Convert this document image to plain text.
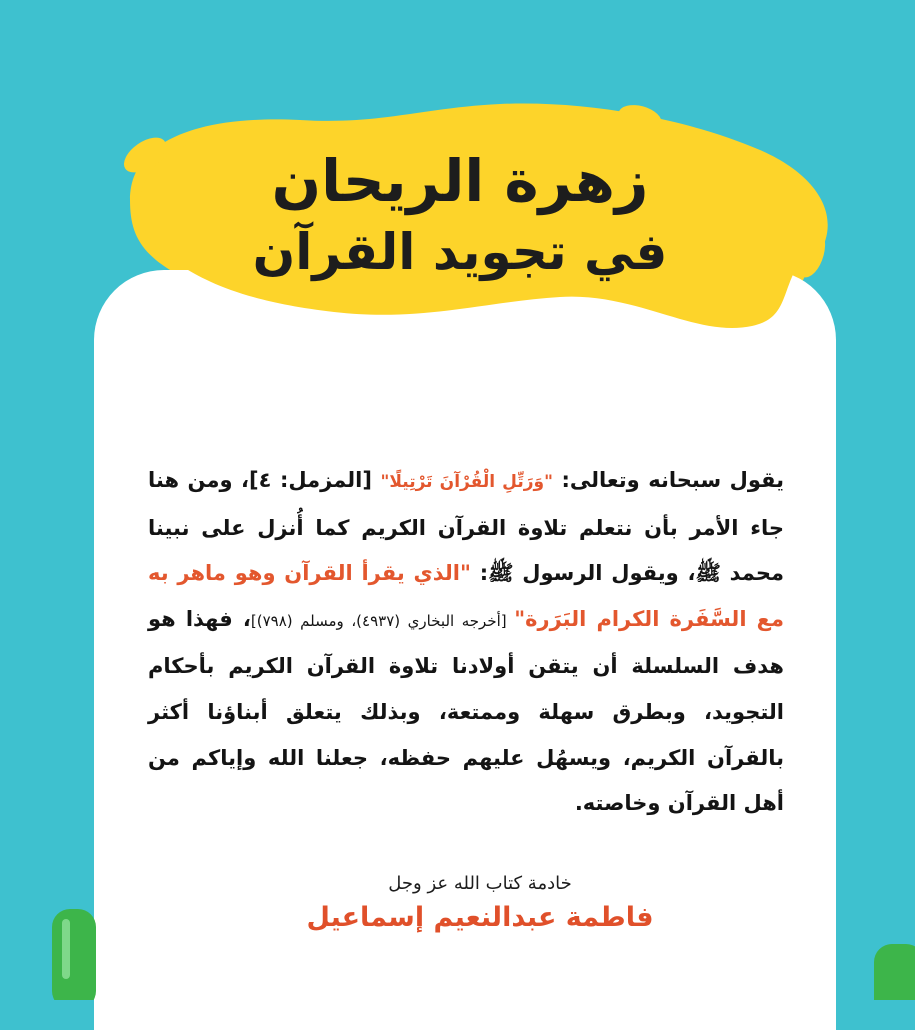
زهرة الريحان
في تجويد القرآن
يقول سبحانه وتعالى: "وَرَتِّلِ الْقُرْآنَ تَرْتِيلًا" [المزمل: ٤]، ومن هنا جاء الأمر بأن نتعلم تلاوة القرآن الكريم كما أُنزل على نبينا محمد ﷺ، ويقول الرسول ﷺ: "الذي يقرأ القرآن وهو ماهر به مع السَّفَرة الكرام البَرَرة" [أخرجه البخاري (٤٩٣٧)، ومسلم (٧٩٨)]، فهذا هو هدف السلسلة أن يتقن أولادنا تلاوة القرآن الكريم بأحكام التجويد، وبطرق سهلة وممتعة، وبذلك يتعلق أبناؤنا أكثر بالقرآن الكريم، ويسهُل عليهم حفظه، جعلنا الله وإياكم من أهل القرآن وخاصته.
خادمة كتاب الله عز وجل
فاطمة عبدالنعيم إسماعيل
